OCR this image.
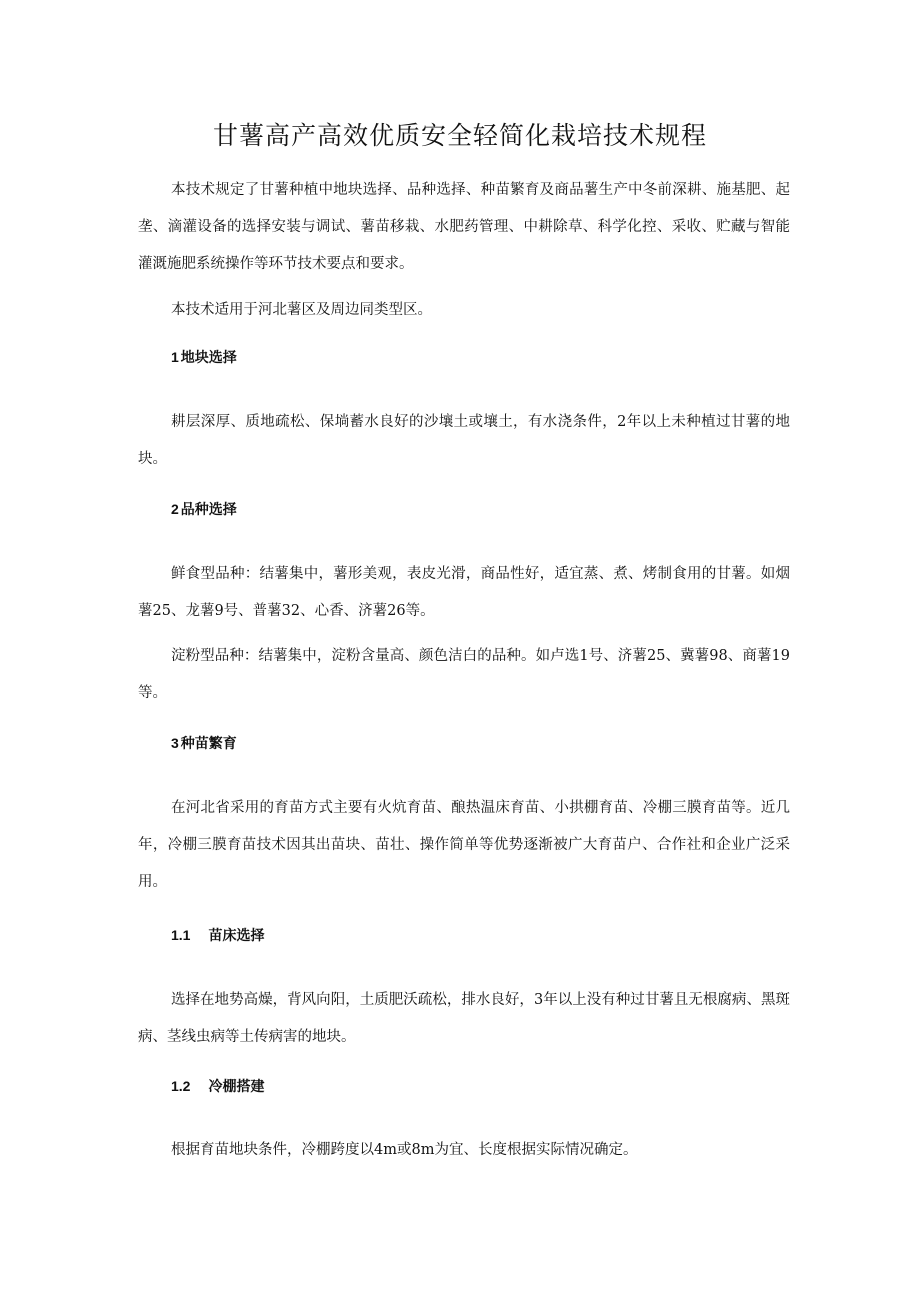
甘薯高产高效优质安全轻简化栽培技术规程

本技术规定了甘薯种植中地块选择、品种选择、种苗繁育及商品薯生产中冬前深耕、施基肥、起垄、滴灌设备的选择安装与调试、薯苗移栽、水肥药管理、中耕除草、科学化控、采收、贮藏与智能灌溉施肥系统操作等环节技术要点和要求。

本技术适用于河北薯区及周边同类型区。

1 地块选择

耕层深厚、质地疏松、保埫蓄水良好的沙壤土或壤土，有水浇条件，2年以上未种植过甘薯的地块。

2 品种选择

鲜食型品种：结薯集中，薯形美观，表皮光滑，商品性好，适宜蒸、煮、烤制食用的甘薯。如烟薯25、龙薯9号、普薯32、心香、济薯26等。

淀粉型品种：结薯集中，淀粉含量高、颜色洁白的品种。如卢选1号、济薯25、冀薯98、商薯19等。

3 种苗繁育

在河北省采用的育苗方式主要有火炕育苗、酿热温床育苗、小拱棚育苗、冷棚三膜育苗等。近几年，冷棚三膜育苗技术因其出苗块、苗壮、操作简单等优势逐渐被广大育苗户、合作社和企业广泛采用。

1.1 苗床选择

选择在地势高燥，背风向阳，土质肥沃疏松，排水良好，3年以上没有种过甘薯且无根腐病、黑斑病、茎线虫病等土传病害的地块。

1.2 冷棚搭建

根据育苗地块条件，冷棚跨度以4m或8m为宜、长度根据实际情况确定。
